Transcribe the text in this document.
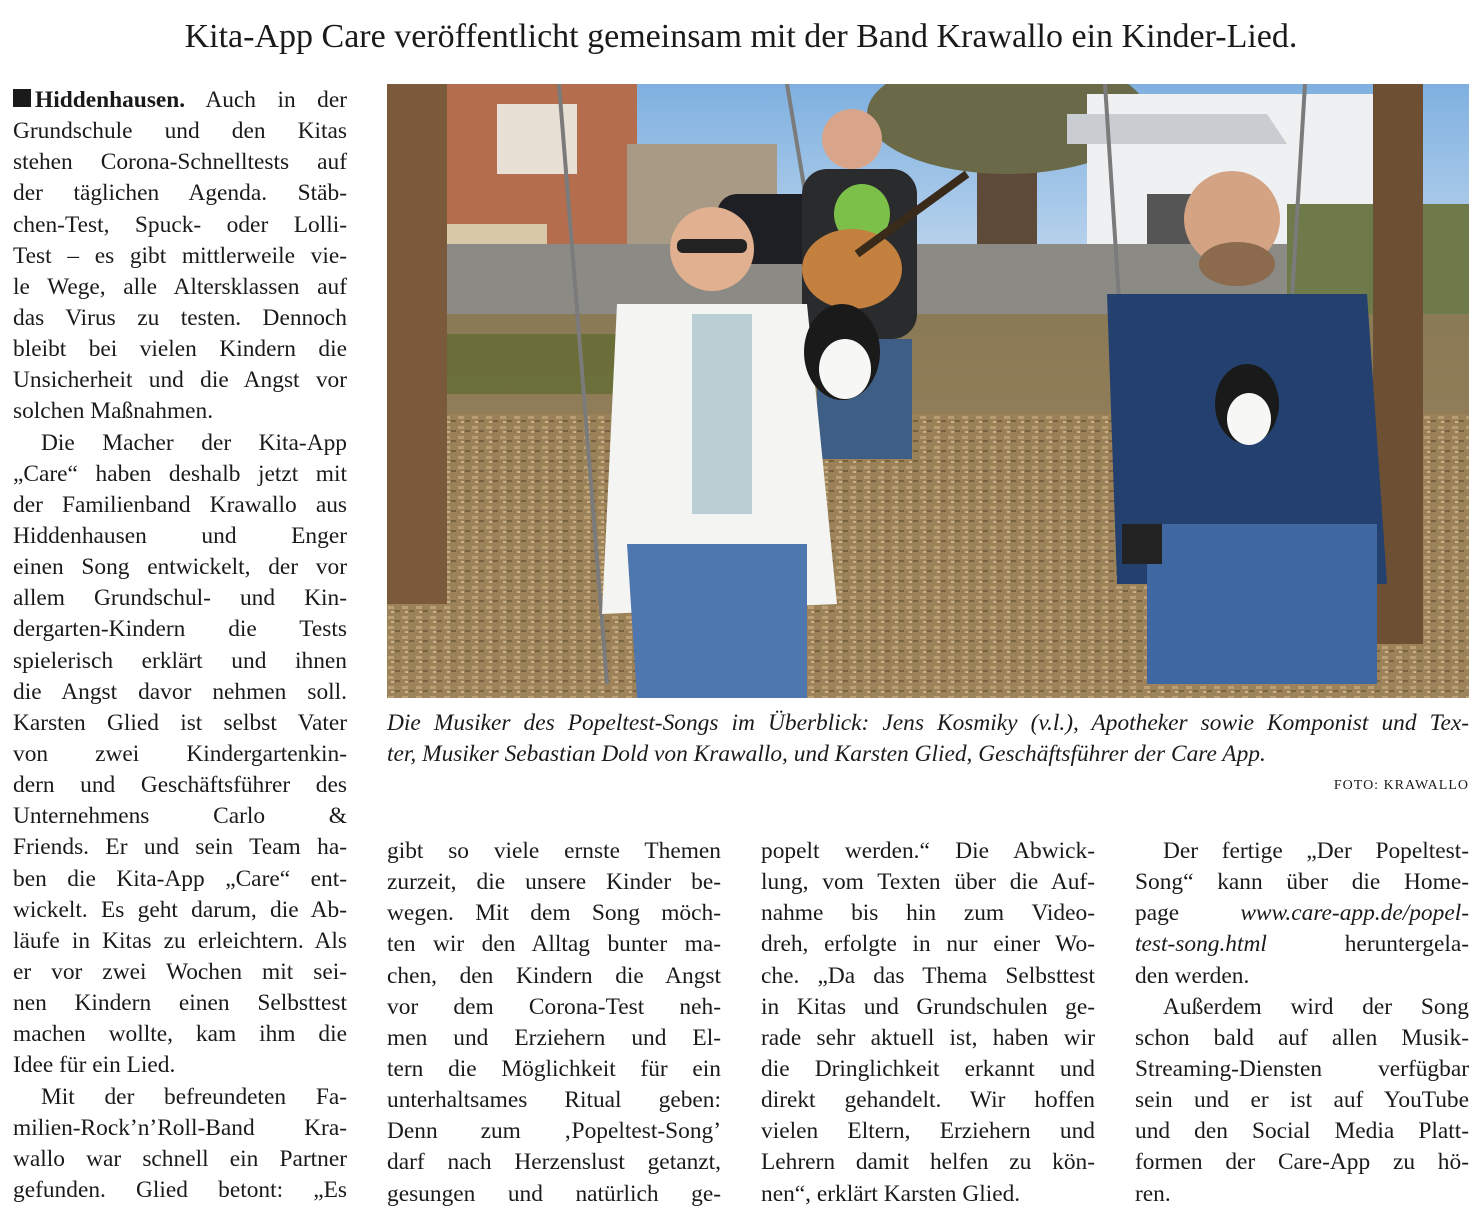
Kita-App Care veröffentlicht gemeinsam mit der Band Krawallo ein Kinder-Lied.
Hiddenhausen. Auch in der
Grundschule und den Kitas
stehen Corona-Schnelltests auf
der täglichen Agenda. Stäb-
chen-Test, Spuck- oder Lolli-
Test – es gibt mittlerweile vie-
le Wege, alle Altersklassen auf
das Virus zu testen. Dennoch
bleibt bei vielen Kindern die
Unsicherheit und die Angst vor
solchen Maßnahmen.
Die Macher der Kita-App
„Care“ haben deshalb jetzt mit
der Familienband Krawallo aus
Hiddenhausen und Enger
einen Song entwickelt, der vor
allem Grundschul- und Kin-
dergarten-Kindern die Tests
spielerisch erklärt und ihnen
die Angst davor nehmen soll.
Karsten Glied ist selbst Vater
von zwei Kindergartenkin-
dern und Geschäftsführer des
Unternehmens Carlo &
Friends. Er und sein Team ha-
ben die Kita-App „Care“ ent-
wickelt. Es geht darum, die Ab-
läufe in Kitas zu erleichtern. Als
er vor zwei Wochen mit sei-
nen Kindern einen Selbsttest
machen wollte, kam ihm die
Idee für ein Lied.
Mit der befreundeten Fa-
milien-Rock’n’Roll-Band Kra-
wallo war schnell ein Partner
gefunden. Glied betont: „Es
Die Musiker des Popeltest-Songs im Überblick: Jens Kosmiky (v.l.), Apotheker sowie Komponist und Tex-
ter, Musiker Sebastian Dold von Krawallo, und Karsten Glied, Geschäftsführer der Care App.
FOTO: KRAWALLO
gibt so viele ernste Themen
zurzeit, die unsere Kinder be-
wegen. Mit dem Song möch-
ten wir den Alltag bunter ma-
chen, den Kindern die Angst
vor dem Corona-Test neh-
men und Erziehern und El-
tern die Möglichkeit für ein
unterhaltsames Ritual geben:
Denn zum ‚Popeltest-Song’
darf nach Herzenslust getanzt,
gesungen und natürlich ge-
popelt werden.“ Die Abwick-
lung, vom Texten über die Auf-
nahme bis hin zum Video-
dreh, erfolgte in nur einer Wo-
che. „Da das Thema Selbsttest
in Kitas und Grundschulen ge-
rade sehr aktuell ist, haben wir
die Dringlichkeit erkannt und
direkt gehandelt. Wir hoffen
vielen Eltern, Erziehern und
Lehrern damit helfen zu kön-
nen“, erklärt Karsten Glied.
Der fertige „Der Popeltest-
Song“ kann über die Home-
page www.care-app.de/popel-
test-song.html heruntergela-
den werden.
Außerdem wird der Song
schon bald auf allen Musik-
Streaming-Diensten verfügbar
sein und er ist auf YouTube
und den Social Media Platt-
formen der Care-App zu hö-
ren.
